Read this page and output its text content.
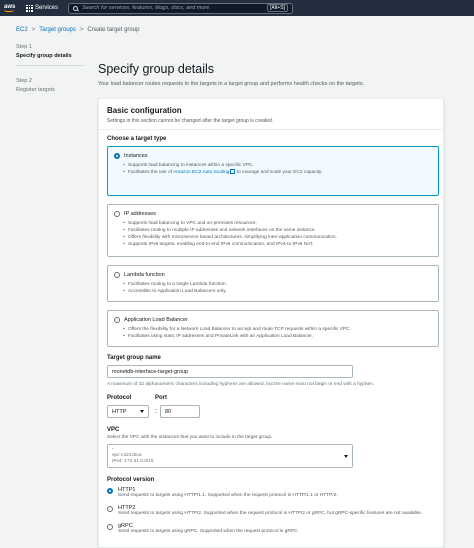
aws	Services	Search for services, features, blogs, docs, and more	[Alt+S]
EC2 > Target groups > Create target group
Step 1
Specify group details
Step 2
Register targets
Specify group details

Your load balancer routes requests to the targets in a target group and performs health checks on the targets.

Basic configuration

Settings in this section cannot be changed after the target group is created.

Choose a target type
Instances
• Supports load balancing to instances within a specific VPC.
• Facilitates the use of Amazon EC2 Auto Scaling to manage and scale your EC2 capacity.
IP addresses
• Supports load balancing to VPC and on-premises resources.
• Facilitates routing to multiple IP addresses and network interfaces on the same instance.
• Offers flexibility with microservice based architectures, simplifying inter-application communication.
• Supports IPv6 targets, enabling end-to-end IPv6 communication, and IPv4-to-IPv6 NAT.
Lambda function
• Facilitates routing to a single Lambda function.
• Accessible to Application Load Balancers only.
Application Load Balancer
• Offers the flexibility for a Network Load Balancer to accept and route TCP requests within a specific VPC.
• Facilitates using static IP addresses and PrivateLink with an Application Load Balancer.
Target group name
monetdb-interface-target-group
A maximum of 32 alphanumeric characters including hyphens are allowed, but the name must not begin or end with a hyphen.
Protocol
HTTP
Port
: 80
VPC
Select the VPC with the instances that you want to include in the target group.
-
vpc-c321c5ca
IPv4: 172.31.0.0/16
Protocol version
HTTP1
Send requests to targets using HTTP/1.1. Supported when the request protocol is HTTP/1.1 or HTTP/2.
HTTP2
Send requests to targets using HTTP/2. Supported when the request protocol is HTTP/2 or gRPC, but gRPC-specific features are not available.
gRPC
Send requests to targets using gRPC. Supported when the request protocol is gRPC.
